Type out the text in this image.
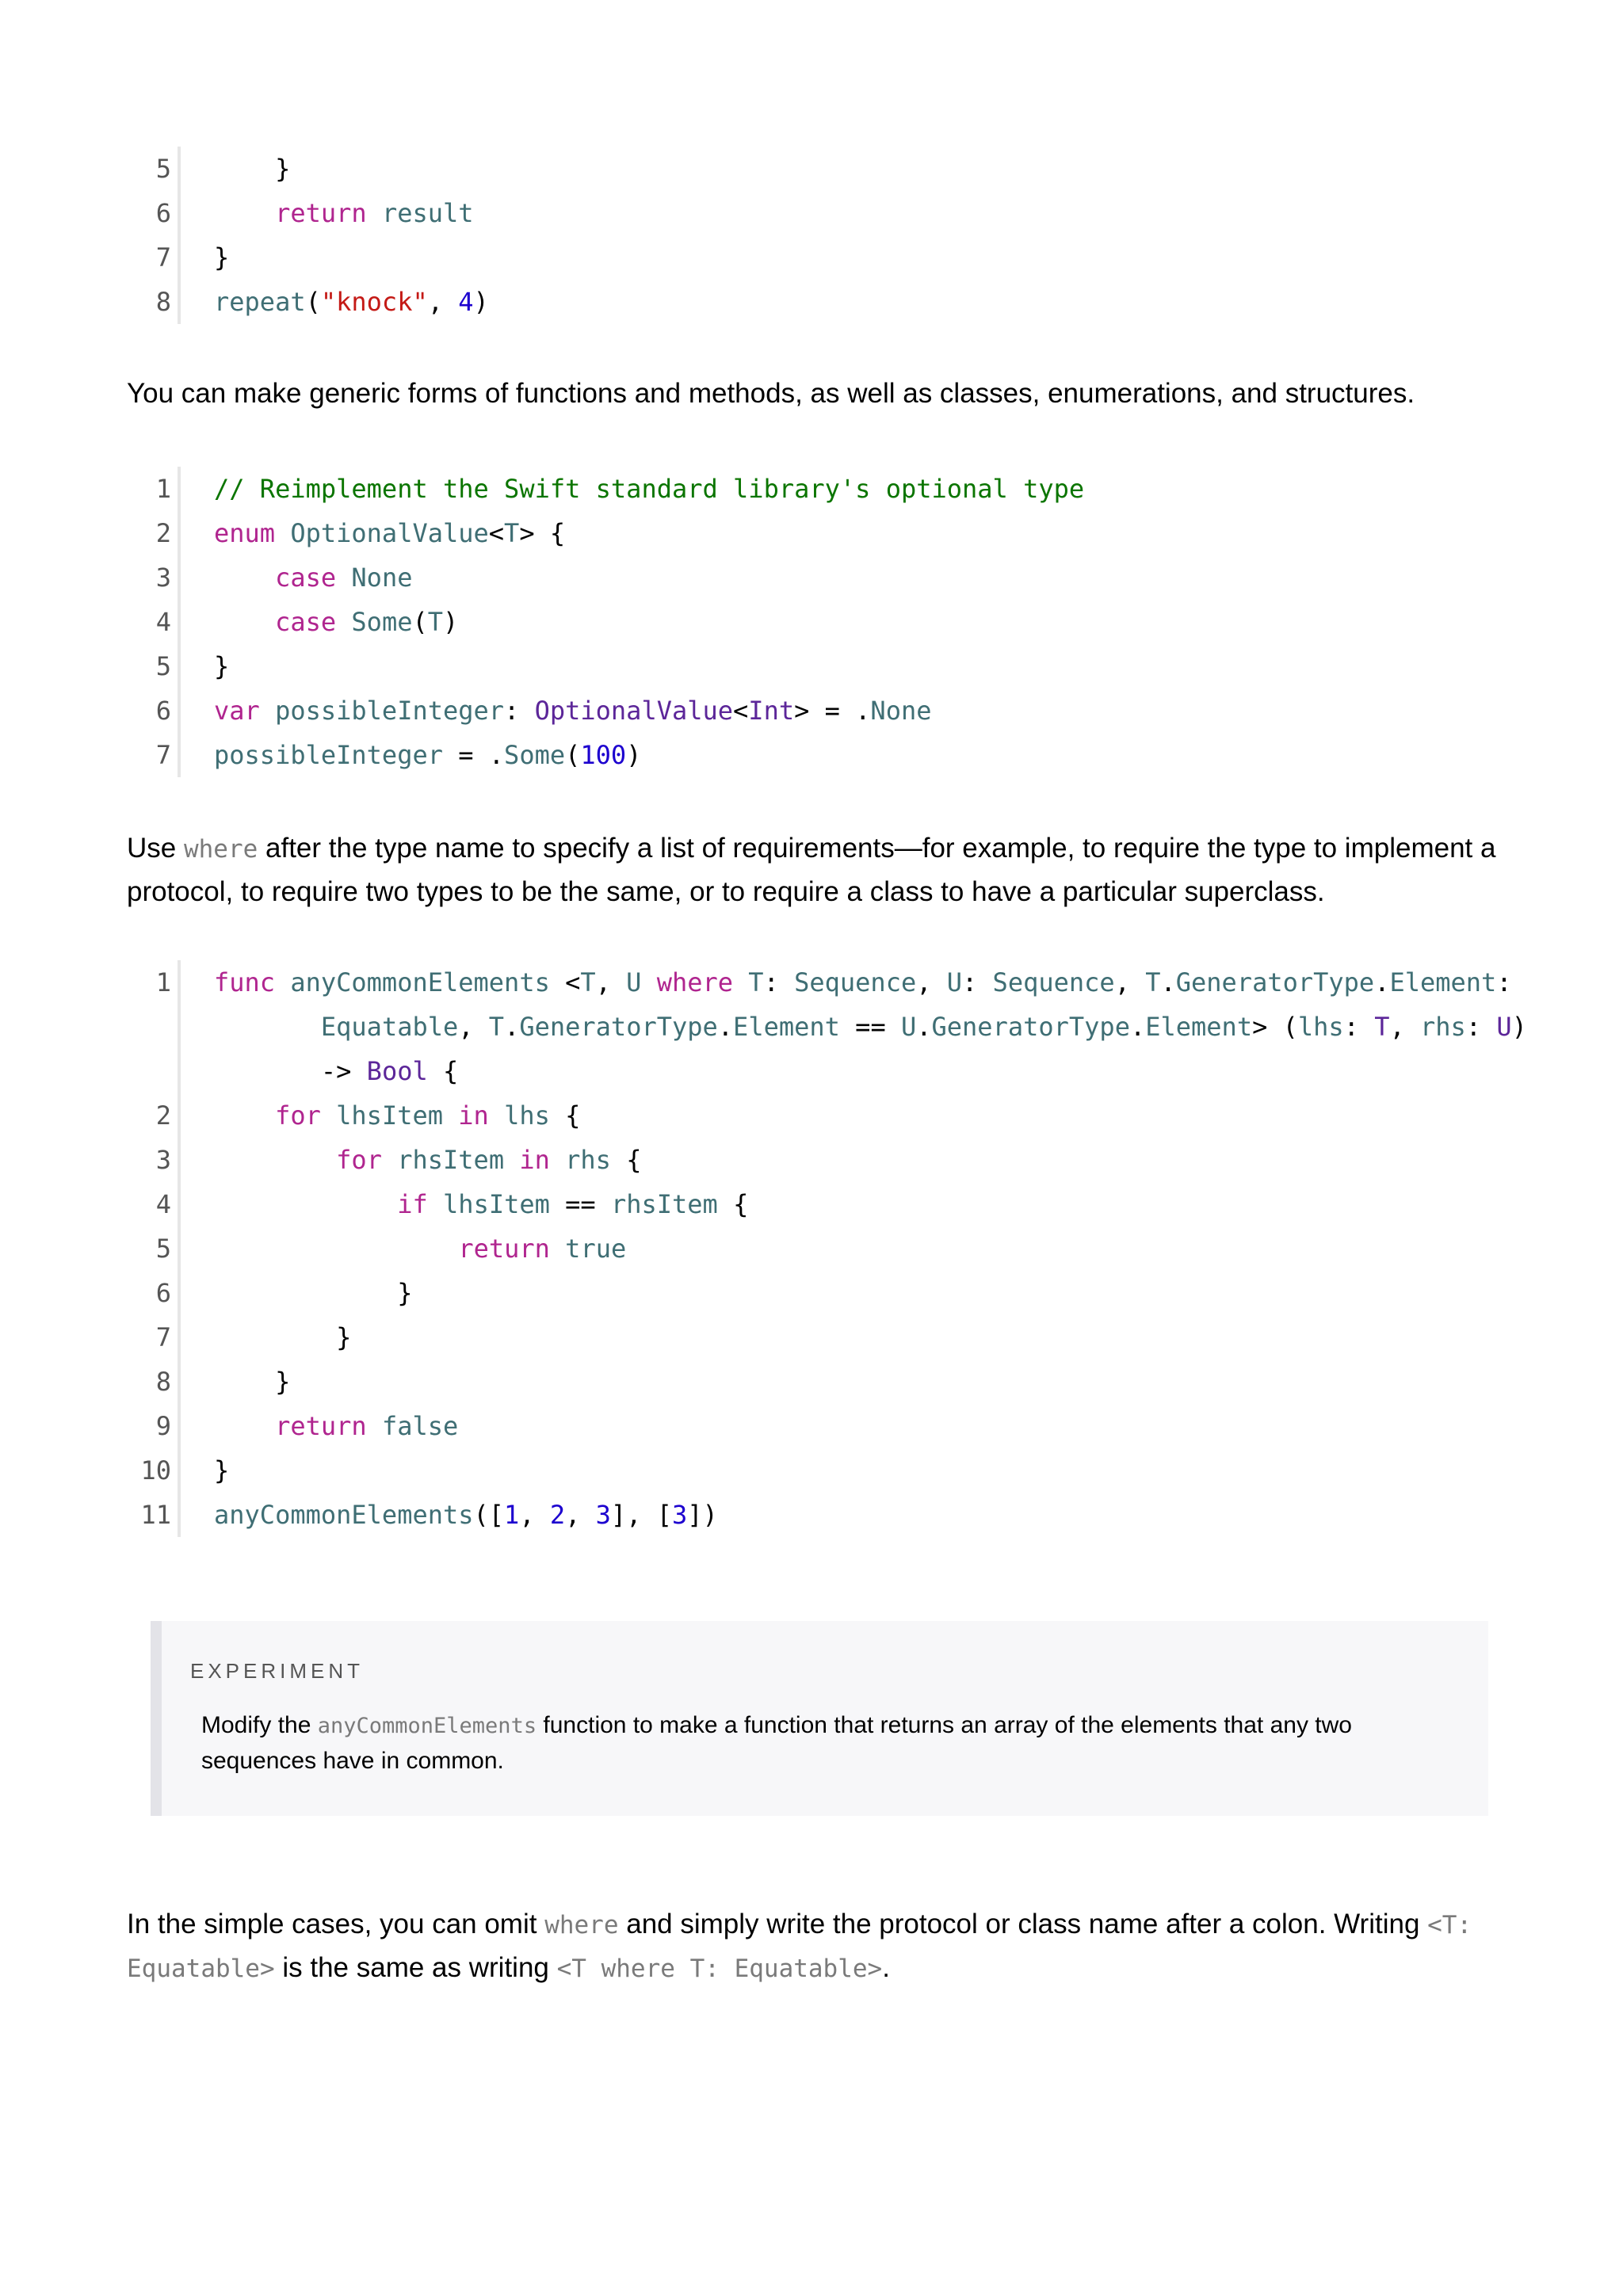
5	}
6	return result
7 }
8 repeat("knock", 4)

You can make generic forms of functions and methods, as well as classes, enumerations, and structures.

1 // Reimplement the Swift standard library's optional type
2 enum OptionalValue<T> {
3	case None
4	case Some(T)
5 }
6 var possibleInteger: OptionalValue<Int> = .None
7 possibleInteger = .Some(100)

Use where after the type name to specify a list of requirements—for example, to require the type to implement a protocol, to require two types to be the same, or to require a class to have a particular superclass.

1 func anyCommonElements <T, U where T: Sequence, U: Sequence, T.GeneratorType.Element:
Equatable, T.GeneratorType.Element == U.GeneratorType.Element> (lhs: T, rhs: U)
-> Bool {
2	for lhsItem in lhs {
3	for rhsItem in rhs {
4	if lhsItem == rhsItem {
5	return true
6	}
7	}
8	}
9	return false
10 }
11 anyCommonElements([1, 2, 3], [3])
EXPERIMENT

Modify the anyCommonElements function to make a function that returns an array of the elements that any two sequences have in common.

In the simple cases, you can omit where and simply write the protocol or class name after a colon. Writing <T: Equatable> is the same as writing <T where T: Equatable>.
